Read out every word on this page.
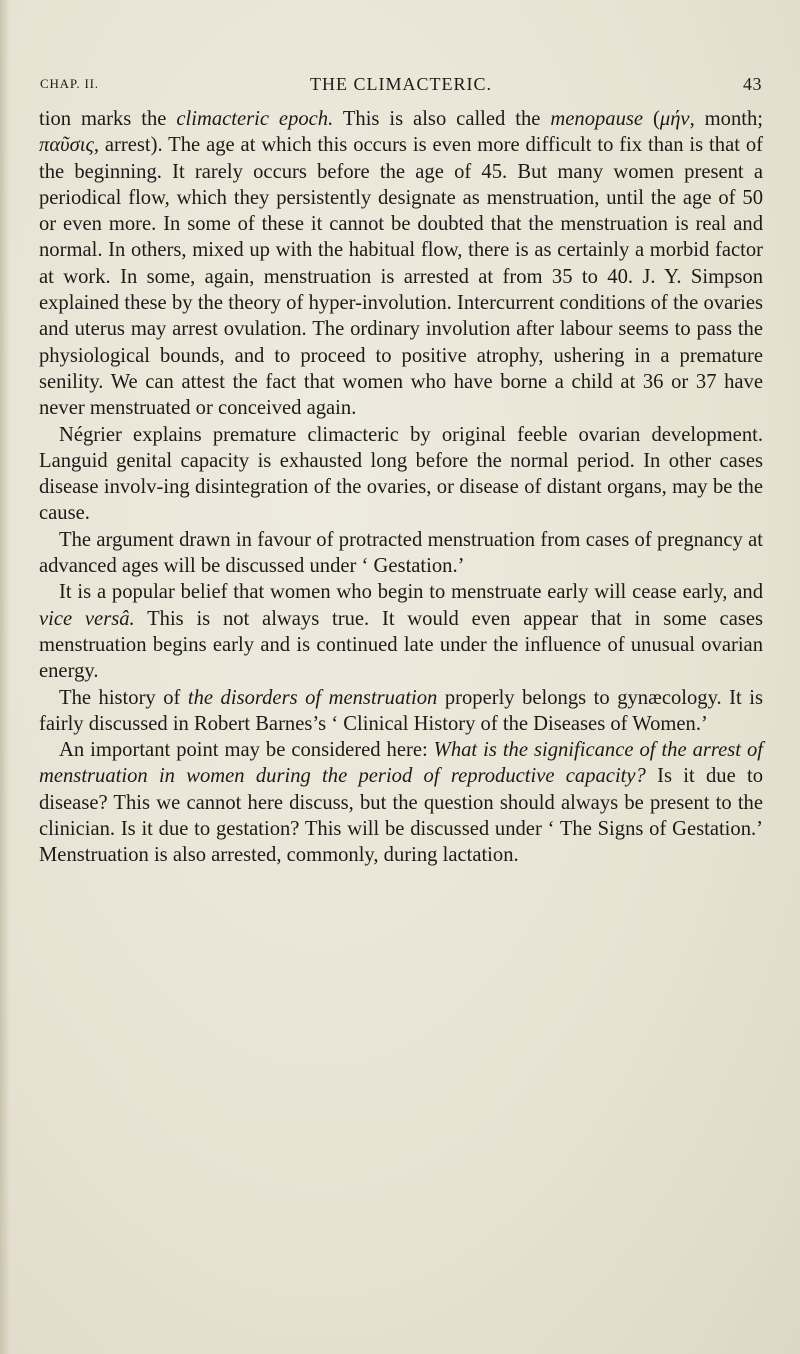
CHAP. II.	THE CLIMACTERIC.	43

tion marks the climacteric epoch. This is also called the menopause (μήν, month; παῦσις, arrest). The age at which this occurs is even more difficult to fix than is that of the beginning. It rarely occurs before the age of 45. But many women present a periodical flow, which they persistently designate as menstruation, until the age of 50 or even more. In some of these it cannot be doubted that the menstruation is real and normal. In others, mixed up with the habitual flow, there is as certainly a morbid factor at work. In some, again, menstruation is arrested at from 35 to 40. J. Y. Simpson explained these by the theory of hyper-involution. Intercurrent conditions of the ovaries and uterus may arrest ovulation. The ordinary involution after labour seems to pass the physiological bounds, and to proceed to positive atrophy, ushering in a premature senility. We can attest the fact that women who have borne a child at 36 or 37 have never menstruated or conceived again.

Négrier explains premature climacteric by original feeble ovarian development. Languid genital capacity is exhausted long before the normal period. In other cases disease involv-ing disintegration of the ovaries, or disease of distant organs, may be the cause.

The argument drawn in favour of protracted menstruation from cases of pregnancy at advanced ages will be discussed under ‘ Gestation.’

It is a popular belief that women who begin to menstruate early will cease early, and vice versâ. This is not always true. It would even appear that in some cases menstruation begins early and is continued late under the influence of unusual ovarian energy.

The history of the disorders of menstruation properly belongs to gynæcology. It is fairly discussed in Robert Barnes’s ‘ Clinical History of the Diseases of Women.’

An important point may be considered here: What is the significance of the arrest of menstruation in women during the period of reproductive capacity? Is it due to disease? This we cannot here discuss, but the question should always be present to the clinician. Is it due to gestation? This will be discussed under ‘ The Signs of Gestation.’ Menstruation is also arrested, commonly, during lactation.
